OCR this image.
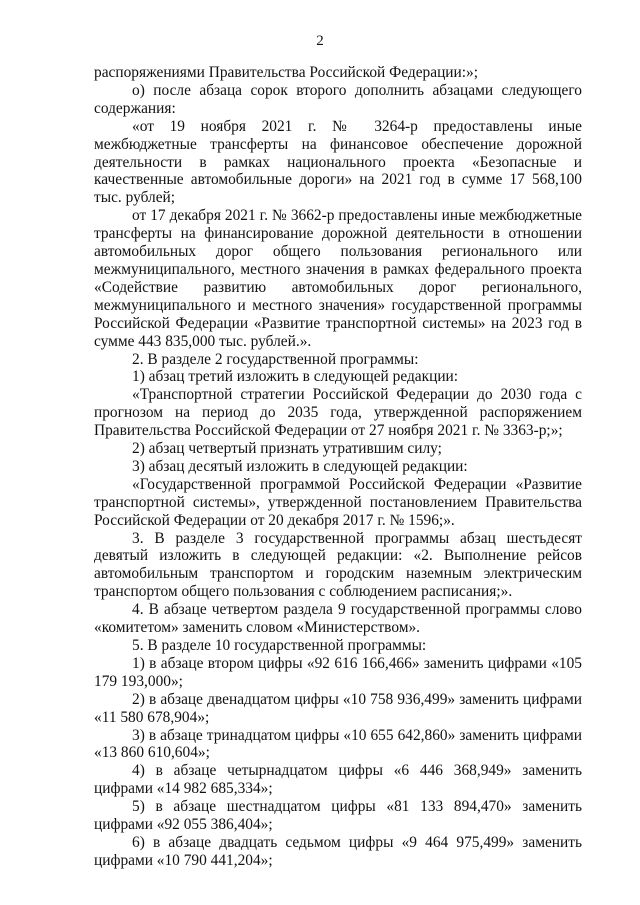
2

распоряжениями Правительства Российской Федерации:»;

о) после абзаца сорок второго дополнить абзацами следующего содержания:

«от 19 ноября 2021 г. № 3264-р предоставлены иные межбюджетные трансферты на финансовое обеспечение дорожной деятельности в рамках национального проекта «Безопасные и качественные автомобильные дороги» на 2021 год в сумме 17 568,100 тыс. рублей;

от 17 декабря 2021 г. № 3662-р предоставлены иные межбюджетные трансферты на финансирование дорожной деятельности в отношении автомобильных дорог общего пользования регионального или межмуниципального, местного значения в рамках федерального проекта «Содействие развитию автомобильных дорог регионального, межмуниципального и местного значения» государственной программы Российской Федерации «Развитие транспортной системы» на 2023 год в сумме 443 835,000 тыс. рублей.».

2. В разделе 2 государственной программы:

1) абзац третий изложить в следующей редакции:

«Транспортной стратегии Российской Федерации до 2030 года с прогнозом на период до 2035 года, утвержденной распоряжением Правительства Российской Федерации от 27 ноября 2021 г. № 3363-р;»;

2) абзац четвертый признать утратившим силу;

3) абзац десятый изложить в следующей редакции:

«Государственной программой Российской Федерации «Развитие транспортной системы», утвержденной постановлением Правительства Российской Федерации от 20 декабря 2017 г. № 1596;».

3. В разделе 3 государственной программы абзац шестьдесят девятый изложить в следующей редакции: «2. Выполнение рейсов автомобильным транспортом и городским наземным электрическим транспортом общего пользования с соблюдением расписания;».

4. В абзаце четвертом раздела 9 государственной программы слово «комитетом» заменить словом «Министерством».

5. В разделе 10 государственной программы:

1) в абзаце втором цифры «92 616 166,466» заменить цифрами «105 179 193,000»;

2) в абзаце двенадцатом цифры «10 758 936,499» заменить цифрами «11 580 678,904»;

3) в абзаце тринадцатом цифры «10 655 642,860» заменить цифрами «13 860 610,604»;

4) в абзаце четырнадцатом цифры «6 446 368,949» заменить цифрами «14 982 685,334»;

5) в абзаце шестнадцатом цифры «81 133 894,470» заменить цифрами «92 055 386,404»;

6) в абзаце двадцать седьмом цифры «9 464 975,499» заменить цифрами «10 790 441,204»;
